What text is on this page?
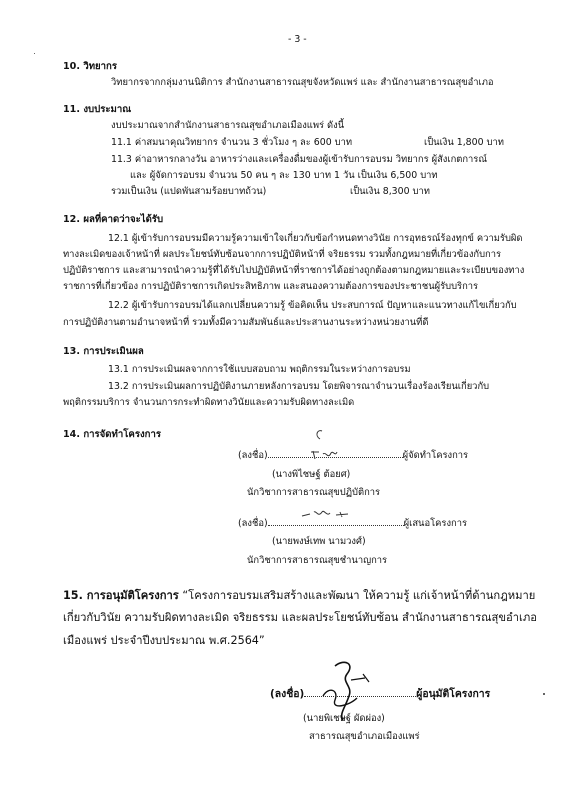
- 3 -
10. วิทยากร
วิทยากรจากกลุ่มงานนิติการ สำนักงานสาธารณสุขจังหวัดแพร่ และ สำนักงานสาธารณสุขอำเภอ
11. งบประมาณ
งบประมาณจากสำนักงานสาธารณสุขอำเภอเมืองแพร่ ดังนี้
11.1 ค่าสมนาคุณวิทยากร จำนวน 3 ชั่วโมง ๆ ละ 600 บาท	เป็นเงิน 1,800 บาท
11.3 ค่าอาหารกลางวัน อาหารว่างและเครื่องดื่มของผู้เข้ารับการอบรม วิทยากร ผู้สังเกตการณ์
และ ผู้จัดการอบรม จำนวน 50 คน ๆ ละ 130 บาท 1 วัน เป็นเงิน 6,500 บาท
รวมเป็นเงิน (แปดพันสามร้อยบาทถ้วน)	เป็นเงิน 8,300 บาท
12. ผลที่คาดว่าจะได้รับ
12.1 ผู้เข้ารับการอบรมมีความรู้ความเข้าใจเกี่ยวกับข้อกำหนดทางวินัย การอุทธรณ์ร้องทุกข์ ความรับผิด
ทางละเมิดของเจ้าหน้าที่ ผลประโยชน์ทับซ้อนจากการปฏิบัติหน้าที่ จริยธรรม รวมทั้งกฎหมายที่เกี่ยวข้องกับการ
ปฏิบัติราชการ และสามารถนำความรู้ที่ได้รับไปปฏิบัติหน้าที่ราชการได้อย่างถูกต้องตามกฎหมายและระเบียบของทาง
ราชการที่เกี่ยวข้อง การปฏิบัติราชการเกิดประสิทธิภาพ และสนองความต้องการของประชาชนผู้รับบริการ
12.2 ผู้เข้ารับการอบรมได้แลกเปลี่ยนความรู้ ข้อคิดเห็น ประสบการณ์ ปัญหาและแนวทางแก้ไขเกี่ยวกับ
การปฏิบัติงานตามอำนาจหน้าที่ รวมทั้งมีความสัมพันธ์และประสานงานระหว่างหน่วยงานที่ดี
13. การประเมินผล
13.1 การประเมินผลจากการใช้แบบสอบถาม พฤติกรรมในระหว่างการอบรม
13.2 การประเมินผลการปฏิบัติงานภายหลังการอบรม โดยพิจารณาจำนวนเรื่องร้องเรียนเกี่ยวกับ
พฤติกรรมบริการ จำนวนการกระทำผิดทางวินัยและความรับผิดทางละเมิด
14. การจัดทำโครงการ
(ลงชื่อ)	ผู้จัดทำโครงการ
(นางพิไชษฐ์ ต้อยศ)
นักวิชาการสาธารณสุขปฏิบัติการ
(ลงชื่อ)	ผู้เสนอโครงการ
(นายพงษ์เทพ นามวงศ์)
นักวิชาการสาธารณสุขชำนาญการ
15. การอนุมัติโครงการ “โครงการอบรมเสริมสร้างและพัฒนา ให้ความรู้ แก่เจ้าหน้าที่ด้านกฎหมาย
เกี่ยวกับวินัย ความรับผิดทางละเมิด จริยธรรม และผลประโยชน์ทับซ้อน สำนักงานสาธารณสุขอำเภอ
เมืองแพร่ ประจำปีงบประมาณ พ.ศ.2564”
(ลงชื่อ)	ผู้อนุมัติโครงการ
(นายพิเชษฐ์ ผัดผ่อง)
สาธารณสุขอำเภอเมืองแพร่
